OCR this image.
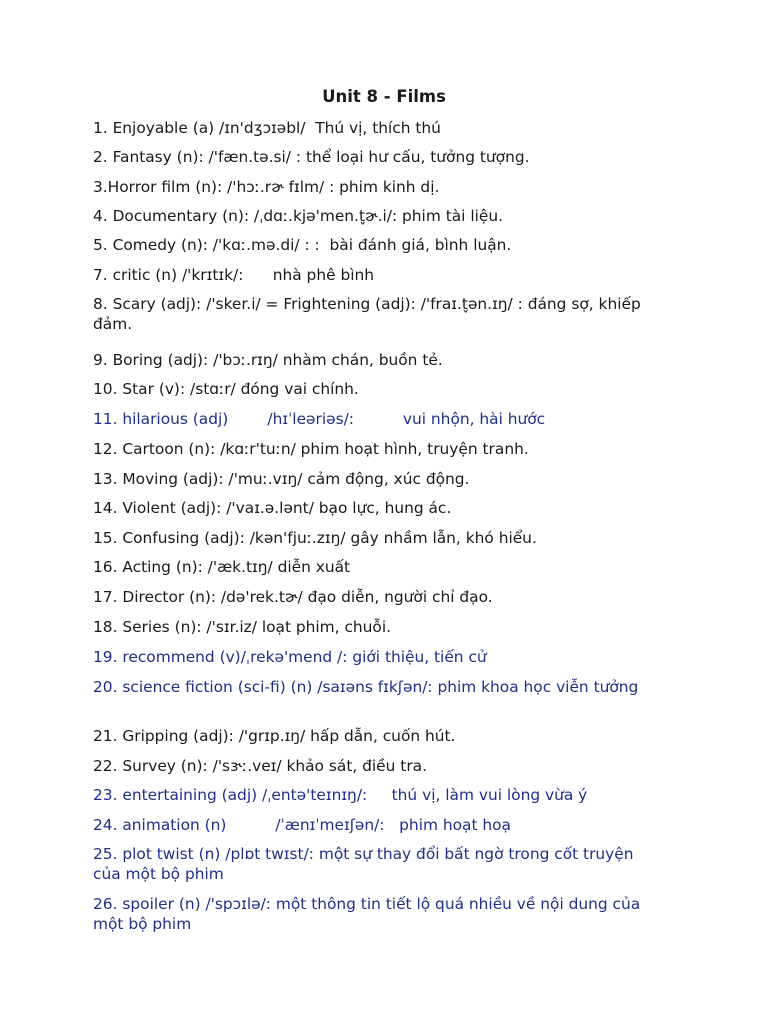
Unit 8 - Films
1. Enjoyable (a) /ɪn'dʒɔɪəbl/  Thú vị, thích thú
2. Fantasy (n): /'fæn.tə.si/ : thể loại hư cấu, tưởng tượng.
3.Horror film (n): /'hɔː.rɚ fɪlm/ : phim kinh dị.
4. Documentary (n): /ˌdɑː.kjə'men.t̬ɚ.i/: phim tài liệu.
5. Comedy (n): /'kɑː.mə.di/ : :  bài đánh giá, bình luận.
7. critic (n) /'krɪtɪk/:      nhà phê bình
8. Scary (adj): /'sker.i/ = Frightening (adj): /'fraɪ.t̬ən.ɪŋ/ : đáng sợ, khiếp đảm.
9. Boring (adj): /'bɔː.rɪŋ/ nhàm chán, buồn tẻ.
10. Star (v): /stɑːr/ đóng vai chính.
11. hilarious (adj)        /hɪˈleəriəs/:          vui nhộn, hài hước
12. Cartoon (n): /kɑːr'tuːn/ phim hoạt hình, truyện tranh.
13. Moving (adj): /'muː.vɪŋ/ cảm động, xúc động.
14. Violent (adj): /'vaɪ.ə.lənt/ bạo lực, hung ác.
15. Confusing (adj): /kən'fjuː.zɪŋ/ gây nhầm lẫn, khó hiểu.
16. Acting (n): /'æk.tɪŋ/ diễn xuất
17. Director (n): /də'rek.tɚ/ đạo diễn, người chỉ đạo.
18. Series (n): /'sɪr.iz/ loạt phim, chuỗi.
19. recommend (v)/ˌrekə'mend /: giới thiệu, tiến cử
20. science fiction (sci-fi) (n) /saɪəns fɪkʃən/: phim khoa học viễn tưởng
21. Gripping (adj): /'grɪp.ɪŋ/ hấp dẫn, cuốn hút.
22. Survey (n): /'sɝː.veɪ/ khảo sát, điều tra.
23. entertaining (adj) /ˌentə'teɪnɪŋ/:     thú vị, làm vui lòng vừa ý
24. animation (n)          /ˈænɪˈmeɪʃən/:   phim hoạt hoạ
25. plot twist (n) /plɒt twɪst/: một sự thay đổi bất ngờ trong cốt truyện của một bộ phim
26. spoiler (n) /'spɔɪlə/: một thông tin tiết lộ quá nhiều về nội dung của một bộ phim
